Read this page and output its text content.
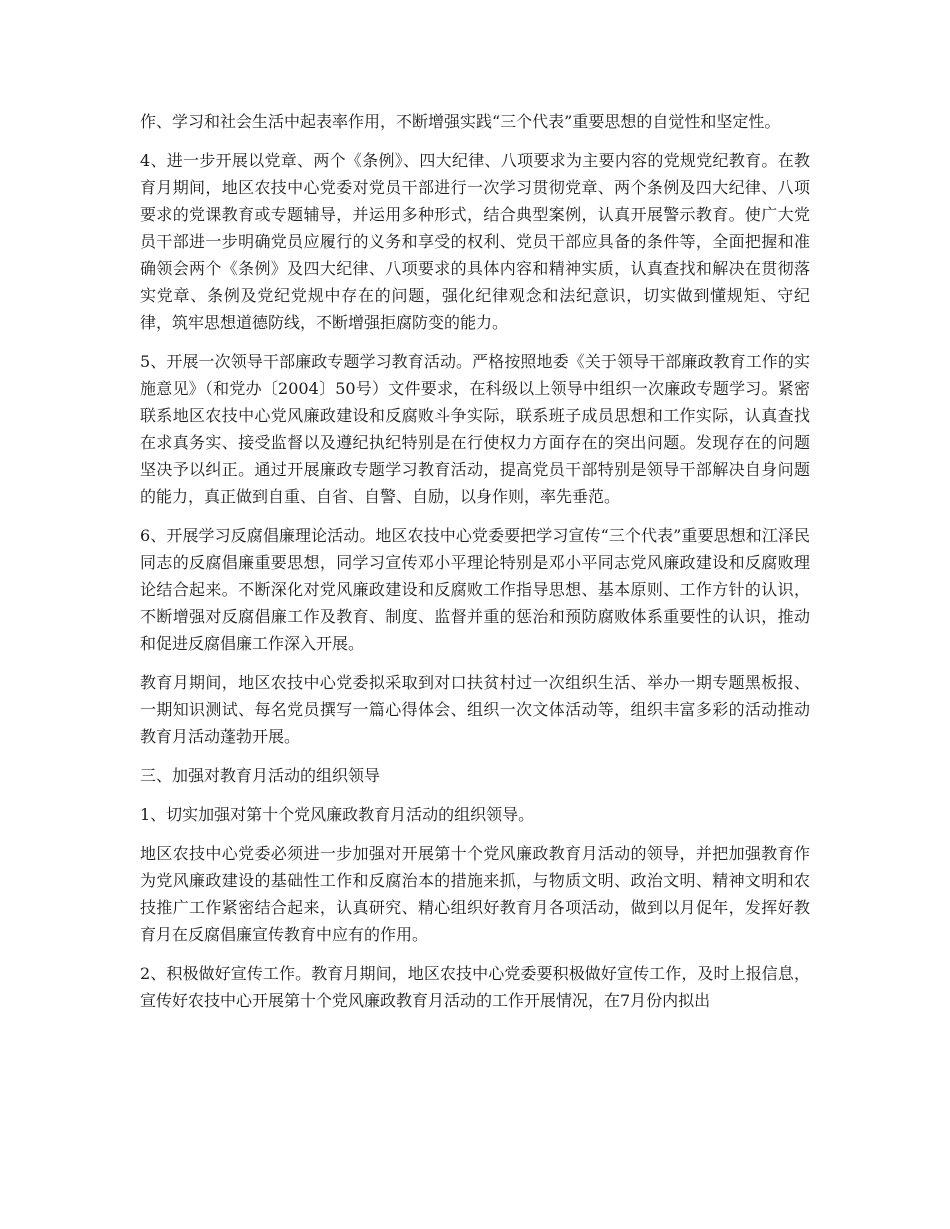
作、学习和社会生活中起表率作用，不断增强实践“三个代表”重要思想的自觉性和坚定性。

4、进一步开展以党章、两个《条例》、四大纪律、八项要求为主要内容的党规党纪教育。在教育月期间，地区农技中心党委对党员干部进行一次学习贯彻党章、两个条例及四大纪律、八项要求的党课教育或专题辅导，并运用多种形式，结合典型案例，认真开展警示教育。使广大党员干部进一步明确党员应履行的义务和享受的权利、党员干部应具备的条件等，全面把握和准确领会两个《条例》及四大纪律、八项要求的具体内容和精神实质，认真查找和解决在贯彻落实党章、条例及党纪党规中存在的问题，强化纪律观念和法纪意识，切实做到懂规矩、守纪律，筑牢思想道德防线，不断增强拒腐防变的能力。

5、开展一次领导干部廉政专题学习教育活动。严格按照地委《关于领导干部廉政教育工作的实施意见》（和党办〔2004〕50号）文件要求，在科级以上领导中组织一次廉政专题学习。紧密联系地区农技中心党风廉政建设和反腐败斗争实际，联系班子成员思想和工作实际，认真查找在求真务实、接受监督以及遵纪执纪特别是在行使权力方面存在的突出问题。发现存在的问题坚决予以纠正。通过开展廉政专题学习教育活动，提高党员干部特别是领导干部解决自身问题的能力，真正做到自重、自省、自警、自励，以身作则，率先垂范。

6、开展学习反腐倡廉理论活动。地区农技中心党委要把学习宣传“三个代表”重要思想和江泽民同志的反腐倡廉重要思想，同学习宣传邓小平理论特别是邓小平同志党风廉政建设和反腐败理论结合起来。不断深化对党风廉政建设和反腐败工作指导思想、基本原则、工作方针的认识，不断增强对反腐倡廉工作及教育、制度、监督并重的惩治和预防腐败体系重要性的认识，推动和促进反腐倡廉工作深入开展。

教育月期间，地区农技中心党委拟采取到对口扶贫村过一次组织生活、举办一期专题黑板报、一期知识测试、每名党员撰写一篇心得体会、组织一次文体活动等，组织丰富多彩的活动推动教育月活动蓬勃开展。

三、加强对教育月活动的组织领导

1、切实加强对第十个党风廉政教育月活动的组织领导。

地区农技中心党委必须进一步加强对开展第十个党风廉政教育月活动的领导，并把加强教育作为党风廉政建设的基础性工作和反腐治本的措施来抓，与物质文明、政治文明、精神文明和农技推广工作紧密结合起来，认真研究、精心组织好教育月各项活动，做到以月促年，发挥好教育月在反腐倡廉宣传教育中应有的作用。

2、积极做好宣传工作。教育月期间，地区农技中心党委要积极做好宣传工作，及时上报信息，宣传好农技中心开展第十个党风廉政教育月活动的工作开展情况，在7月份内拟出
